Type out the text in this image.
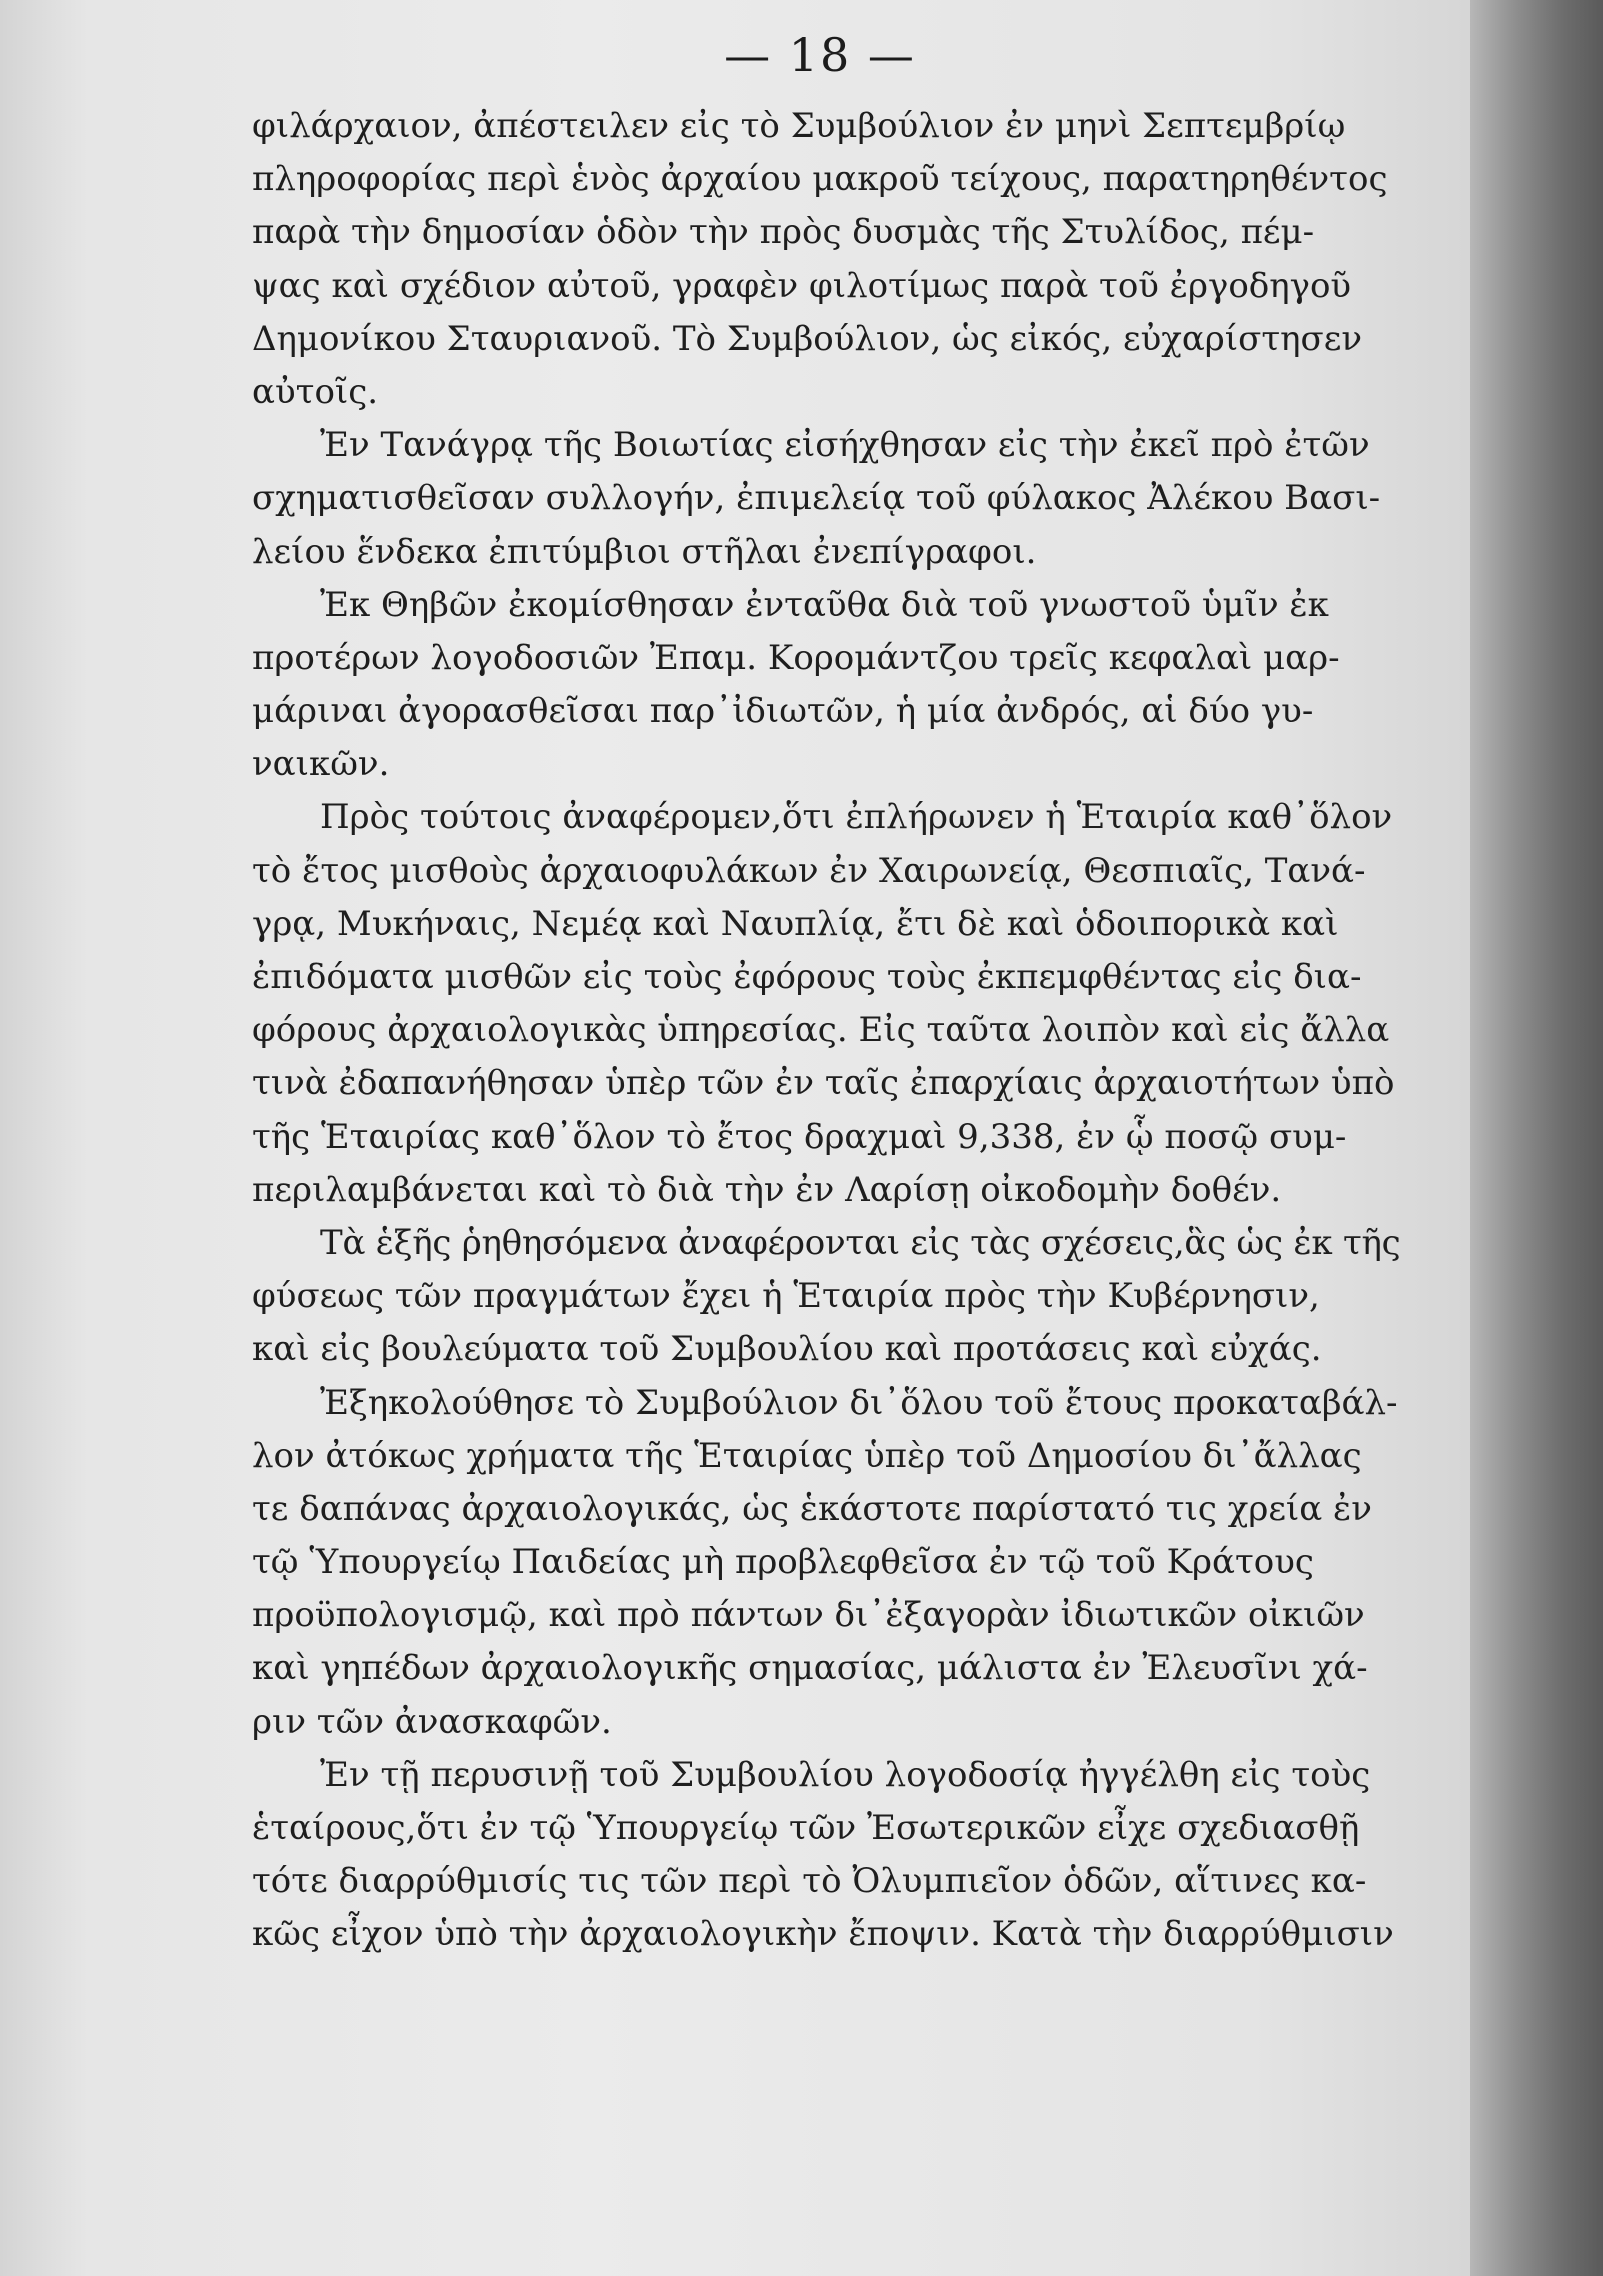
— 18 —
φιλάρχαιον, ἀπέστειλεν εἰς τὸ Συμβούλιον ἐν μηνὶ Σεπτεμβρίῳ
πληροφορίας περὶ ἑνὸς ἀρχαίου μακροῦ τείχους, παρατηρηθέντος
παρὰ τὴν δημοσίαν ὁδὸν τὴν πρὸς δυσμὰς τῆς Στυλίδος, πέμ-
ψας καὶ σχέδιον αὐτοῦ, γραφὲν φιλοτίμως παρὰ τοῦ ἐργοδηγοῦ
Δημονίκου Σταυριανοῦ. Τὸ Συμβούλιον, ὡς εἰκός, εὐχαρίστησεν
αὐτοῖς.
Ἐν Τανάγρᾳ τῆς Βοιωτίας εἰσήχθησαν εἰς τὴν ἐκεῖ πρὸ ἐτῶν
σχηματισθεῖσαν συλλογήν, ἐπιμελείᾳ τοῦ φύλακος Ἀλέκου Βασι-
λείου ἕνδεκα ἐπιτύμβιοι στῆλαι ἐνεπίγραφοι.
Ἐκ Θηβῶν ἐκομίσθησαν ἐνταῦθα διὰ τοῦ γνωστοῦ ὑμῖν ἐκ
προτέρων λογοδοσιῶν Ἐπαμ. Κορομάντζου τρεῖς κεφαλαὶ μαρ-
μάριναι ἀγορασθεῖσαι παρ᾽ἰδιωτῶν, ἡ μία ἀνδρός, αἱ δύο γυ-
ναικῶν.
Πρὸς τούτοις ἀναφέρομεν,ὅτι ἐπλήρωνεν ἡ Ἑταιρία καθ᾽ὅλον
τὸ ἔτος μισθοὺς ἀρχαιοφυλάκων ἐν Χαιρωνείᾳ, Θεσπιαῖς, Τανά-
γρᾳ, Μυκήναις, Νεμέᾳ καὶ Ναυπλίᾳ, ἔτι δὲ καὶ ὁδοιπορικὰ καὶ
ἐπιδόματα μισθῶν εἰς τοὺς ἐφόρους τοὺς ἐκπεμφθέντας εἰς δια-
φόρους ἀρχαιολογικὰς ὑπηρεσίας. Εἰς ταῦτα λοιπὸν καὶ εἰς ἄλλα
τινὰ ἐδαπανήθησαν ὑπὲρ τῶν ἐν ταῖς ἐπαρχίαις ἀρχαιοτήτων ὑπὸ
τῆς Ἑταιρίας καθ᾽ὅλον τὸ ἔτος δραχμαὶ 9,338, ἐν ᾧ ποσῷ συμ-
περιλαμβάνεται καὶ τὸ διὰ τὴν ἐν Λαρίσῃ οἰκοδομὴν δοθέν.
Τὰ ἑξῆς ῥηθησόμενα ἀναφέρονται εἰς τὰς σχέσεις,ἃς ὡς ἐκ τῆς
φύσεως τῶν πραγμάτων ἔχει ἡ Ἑταιρία πρὸς τὴν Κυβέρνησιν,
καὶ εἰς βουλεύματα τοῦ Συμβουλίου καὶ προτάσεις καὶ εὐχάς.
Ἐξηκολούθησε τὸ Συμβούλιον δι᾽ὅλου τοῦ ἔτους προκαταβάλ-
λον ἀτόκως χρήματα τῆς Ἑταιρίας ὑπὲρ τοῦ Δημοσίου δι᾽ἄλλας
τε δαπάνας ἀρχαιολογικάς, ὡς ἑκάστοτε παρίστατό τις χρεία ἐν
τῷ Ὑπουργείῳ Παιδείας μὴ προβλεφθεῖσα ἐν τῷ τοῦ Κράτους
προϋπολογισμῷ, καὶ πρὸ πάντων δι᾽ἐξαγορὰν ἰδιωτικῶν οἰκιῶν
καὶ γηπέδων ἀρχαιολογικῆς σημασίας, μάλιστα ἐν Ἐλευσῖνι χά-
ριν τῶν ἀνασκαφῶν.
Ἐν τῇ περυσινῇ τοῦ Συμβουλίου λογοδοσίᾳ ἠγγέλθη εἰς τοὺς
ἑταίρους,ὅτι ἐν τῷ Ὑπουργείῳ τῶν Ἐσωτερικῶν εἶχε σχεδιασθῇ
τότε διαρρύθμισίς τις τῶν περὶ τὸ Ὀλυμπιεῖον ὁδῶν, αἵτινες κα-
κῶς εἶχον ὑπὸ τὴν ἀρχαιολογικὴν ἔποψιν. Κατὰ τὴν διαρρύθμισιν
